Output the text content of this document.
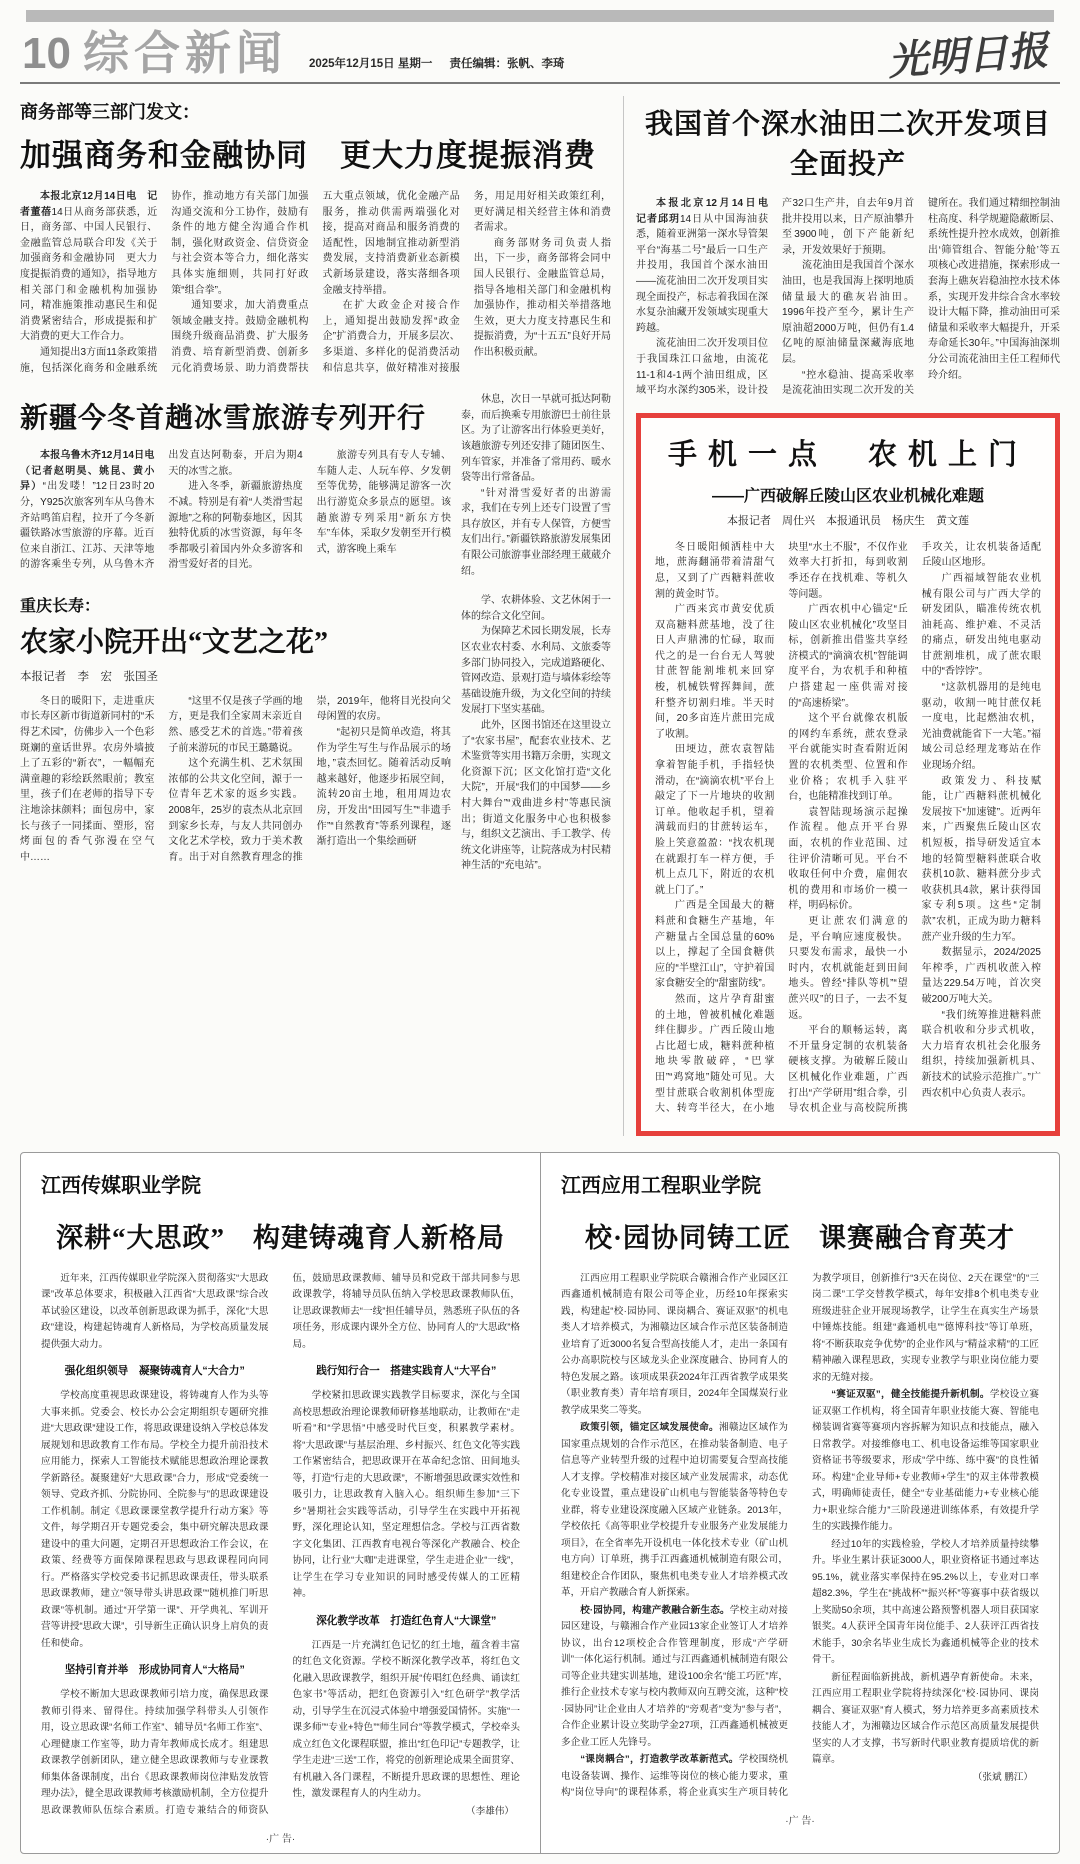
10 综合新闻 2025年12月15日 星期一 责任编辑：张帆、李琦	光明日报
商务部等三部门发文：
加强商务和金融协同　更大力度提振消费

本报北京12月14日电　记者董蓓14日从商务部获悉，近日，商务部、中国人民银行、金融监管总局联合印发《关于加强商务和金融协同　更大力度提振消费的通知》，指导地方相关部门和金融机构加强协同，精准施策推动惠民生和促消费紧密结合，形成提振和扩大消费的更大工作合力。

通知提出3方面11条政策措施，包括深化商务和金融系统协作，推动地方有关部门加强沟通交流和分工协作，鼓励有条件的地方健全沟通合作机制，强化财政资金、信贷资金与社会资本等合力，细化落实具体实施细则，共同打好政策“组合拳”。

通知要求，加大消费重点领域金融支持。鼓励金融机构围绕升级商品消费、扩大服务消费、培育新型消费、创新多元化消费场景、助力消费帮扶五大重点领域，优化金融产品服务，推动供需两端强化对接，提高对商品和服务消费的适配性，因地制宜推动新型消费发展，支持消费新业态新模式新场景建设，落实落细各项金融支持举措。

在扩大政金企对接合作上，通知提出鼓励发挥“政金企”扩消费合力，开展多层次、多渠道、多样化的促消费活动和信息共享，做好精准对接服务，用足用好相关政策红利，更好满足相关经营主体和消费者需求。

商务部财务司负责人指出，下一步，商务部将会同中国人民银行、金融监管总局，指导各地相关部门和金融机构加强协作，推动相关举措落地生效，更大力度支持惠民生和提振消费，为“十五五”良好开局作出积极贡献。

新疆今冬首趟冰雪旅游专列开行

本报乌鲁木齐12月14日电（记者赵明昊、姚昆、黄小异）“出发喽！”12日23时20分，Y925次旅客列车从乌鲁木齐站鸣笛启程，拉开了今冬新疆铁路冰雪旅游的序幕。近百位来自浙江、江苏、天津等地的游客乘坐专列，从乌鲁木齐出发直达阿勒泰，开启为期4天的冰雪之旅。

进入冬季，新疆旅游热度不减。特别是有着“人类滑雪起源地”之称的阿勒泰地区，因其独特优质的冰雪资源，每年冬季都吸引着国内外众多游客和滑雪爱好者的目光。

旅游专列具有专人专辅、车随人走、人玩车停、夕发朝至等优势，能够满足游客一次出行游览众多景点的愿望。该趟旅游专列采用“新东方快车”车体，采取夕发朝至开行模式，游客晚上乘车

重庆长寿：
农家小院开出“文艺之花”
本报记者　李　宏　张国圣

冬日的暖阳下，走进重庆市长寿区新市街道新同村的“禾得艺术园”，仿佛步入一个色彩斑斓的童话世界。农房外墙披上了五彩的“新衣”，一幅幅充满童趣的彩绘跃然眼前；教室里，孩子们在老师的指导下专注地涂抹颜料；面包房中，家长与孩子一同揉面、塑形，窑烤面包的香气弥漫在空气中……

“这里不仅是孩子学画的地方，更是我们全家周末亲近自然、感受艺术的首选。”带着孩子前来游玩的市民王璐璐说。

这个充满生机、艺术氛围浓郁的公共文化空间，源于一位青年艺术家的返乡实践。2008年，25岁的袁杰从北京回到家乡长寿，与友人共同创办文化艺术学校，致力于美术教育。出于对自然教育理念的推崇，2019年，他将目光投向父母闲置的农房。

“起初只是简单改造，将其作为学生写生与作品展示的场地，”袁杰回忆。随着活动反响越来越好，他逐步拓展空间，流转20亩土地，租用周边农房，开发出“田园写生”“非遗手作”“自然教育”等系列课程，逐渐打造出一个集绘画研

休息，次日一早就可抵达阿勒泰，而后换乘专用旅游巴士前往景区。为了让游客出行体验更美好，该趟旅游专列还安排了随团医生、列车管家，并准备了常用药、暖水袋等出行常备品。

“针对滑雪爱好者的出游需求，我们在专列上还专门设置了雪具存放区，并有专人保管，方便雪友们出行。”新疆铁路旅游发展集团有限公司旅游事业部经理王葳葳介绍。

学、农耕体验、文艺休闲于一体的综合文化空间。

为保障艺术园长期发展，长寿区农业农村委、水利局、文旅委等多部门协同投入，完成道路硬化、管网改造、景观打造与墙体彩绘等基础设施升级，为文化空间的持续发展打下坚实基础。

此外，区图书馆还在这里设立了“农家书屋”，配套农业技术、艺术鉴赏等实用书籍万余册，实现文化资源下沉；区文化馆打造“文化大院”，开展“我们的中国梦——乡村大舞台”“戏曲进乡村”等惠民演出；街道文化服务中心也积极参与，组织文艺演出、手工教学、传统文化讲座等，让院落成为村民精神生活的“充电站”。

我国首个深水油田二次开发项目全面投产

本报北京12月14日电　记者邱玥14日从中国海油获悉，随着亚洲第一深水导管架平台“海基二号”最后一口生产井投用，我国首个深水油田——流花油田二次开发项目实现全面投产，标志着我国在深水复杂油藏开发领域实现重大跨越。

流花油田二次开发项目位于我国珠江口盆地，由流花11-1和4-1两个油田组成，区域平均水深约305米，设计投产32口生产井，自去年9月首批井投用以来，日产原油攀升至3900吨，创下产能新纪录，开发效果好于预期。

流花油田是我国首个深水油田，也是我国海上探明地质储量最大的礁灰岩油田。1996年投产至今，累计生产原油超2000万吨，但仍有1.4亿吨的原油储量深藏海底地层。

“控水稳油、提高采收率是流花油田实现二次开发的关键所在。我们通过精细控制油柱高度、科学规避隐蔽断层、系统性提升控水成效，创新推出‘筛管组合、智能分舱’等五项核心改进措施，探索形成一套海上礁灰岩稳油控水技术体系，实现开发井综合含水率较设计大幅下降，推动油田可采储量和采收率大幅提升，开采寿命延长30年。”中国海油深圳分公司流花油田主任工程师代玲介绍。

手机一点　农机上门
——广西破解丘陵山区农业机械化难题
本报记者　周仕兴　本报通讯员　杨庆生　黄文莲

冬日暖阳倾洒桂中大地，蔗海翻涌带着清甜气息，又到了广西糖料蔗收割的黄金时节。

广西来宾市黄安优质双高糖料蔗基地，没了往日人声鼎沸的忙碌，取而代之的是一台台无人驾驶甘蔗智能割堆机来回穿梭，机械铁臂挥舞间，蔗秆整齐切割归堆。半天时间，20多亩连片蔗田完成了收割。

田埂边，蔗农袁智陆拿着智能手机，手指轻快滑动，在“滴滴农机”平台上敲定了下一片地块的收割订单。他收起手机，望着满载而归的甘蔗转运车，脸上笑意盈盈：“找农机现在就跟打车一样方便，手机上点几下，附近的农机就上门了。”

广西是全国最大的糖料蔗和食糖生产基地，年产糖量占全国总量的60%以上，撑起了全国食糖供应的“半壁江山”，守护着国家食糖安全的“甜蜜防线”。

然而，这片孕育甜蜜的土地，曾被机械化难题绊住脚步。广西丘陵山地占比超七成，糖料蔗种植地块零散破碎，“巴掌田”“鸡窝地”随处可见。大型甘蔗联合收割机体型庞大、转弯半径大，在小地块里“水土不服”，不仅作业效率大打折扣，每到收割季还存在找机难、等机久等问题。

广西农机中心锚定“丘陵山区农业机械化”攻坚目标，创新推出借鉴共享经济模式的“滴滴农机”智能调度平台，为农机手和种植户搭建起一座供需对接的“高速桥梁”。

这个平台就像农机版的网约车系统，蔗农登录平台就能实时查看附近闲置的农机类型、位置和作业价格；农机手入驻平台，也能精准找到订单。

袁智陆现场演示起操作流程。他点开平台界面，农机的作业范围、过往评价清晰可见。平台不收取任何中介费，雇佣农机的费用和市场价一模一样，明码标价。

更让蔗农们满意的是，平台响应速度极快。只要发布需求，最快一小时内，农机就能赶到田间地头。曾经“排队等机”“望蔗兴叹”的日子，一去不复返。

平台的顺畅运转，离不开量身定制的农机装备硬核支撑。为破解丘陵山区机械化作业难题，广西打出“产学研用”组合拳，引导农机企业与高校院所携手攻关，让农机装备适配丘陵山区地形。

广西福域智能农业机械有限公司与广西大学的研发团队，瞄准传统农机油耗高、维护难、不灵活的痛点，研发出纯电驱动甘蔗割堆机，成了蔗农眼中的“香饽饽”。

“这款机器用的是纯电驱动，收割一吨甘蔗仅耗一度电，比起燃油农机，光油费就能省下一大笔。”福域公司总经理龙骞站在作业现场介绍。

政策发力、科技赋能，让广西糖料蔗机械化发展按下“加速键”。近两年来，广西聚焦丘陵山区农机短板，指导研发适宜本地的轻简型糖料蔗联合收获机10款、糖料蔗分步式收获机具4款，累计获得国家专利5项。这些“定制款”农机，正成为助力糖料蔗产业升级的生力军。

数据显示，2024/2025年榨季，广西机收蔗入榨量达229.54万吨，首次突破200万吨大关。

“我们统筹推进糖料蔗联合机收和分步式机收，大力培育农机社会化服务组织，持续加强新机具、新技术的试验示范推广。”广西农机中心负责人表示。

江西传媒职业学院
深耕“大思政”　构建铸魂育人新格局

近年来，江西传媒职业学院深入贯彻落实“大思政课”改革总体要求，积极融入江西省“大思政课”综合改革试验区建设，以改革创新思政课为抓手，深化“大思政”建设，构建起铸魂育人新格局，为学校高质量发展提供强大动力。

强化组织领导　凝聚铸魂育人“大合力”

学校高度重视思政课建设，将铸魂育人作为头等大事来抓。党委会、校长办公会定期组织专题研究推进“大思政课”建设工作，将思政课建设纳入学校总体发展规划和思政教育工作布局。学校全力提升前沿技术应用能力，探索人工智能技术赋能思想政治理论课教学新路径。凝聚建好“大思政课”合力，形成“党委统一领导、党政齐抓、分院协同、全院参与”的思政课建设工作机制。制定《思政课课堂教学提升行动方案》等文件，每学期召开专题党委会，集中研究解决思政课建设中的重大问题，定期召开思想政治工作会议，在政策、经费等方面保障课程思政与思政课程同向同行。严格落实学校党委书记抓思政课责任，带头联系思政课教师，建立“领导带头讲思政课”“随机推门听思政课”等机制。通过“开学第一课”、开学典礼、军训开营等讲授“思政大课”，引导新生正确认识身上肩负的责任和使命。

坚持引育并举　形成协同育人“大格局”

学校不断加大思政课教师引培力度，确保思政课教师引得来、留得住。持续加强学科带头人引领作用，设立思政课“名师工作室”、辅导员“名师工作室”、心理健康工作室等，助力青年教师成长成才。组建思政课教学创新团队，建立健全思政课教师与专业课教师集体备课制度，出台《思政课教师岗位津贴发放管理办法》，健全思政课教师考核激励机制，全方位提升思政课教师队伍综合素质。打造专兼结合的师资队伍，鼓励思政课教师、辅导员和党政干部共同参与思政课教学，将辅导员队伍纳入学校思政课教师队伍，让思政课教师去“一线”担任辅导员，熟悉班子队伍的各项任务，形成课内课外全方位、协同育人的“大思政”格局。

践行知行合一　搭建实践育人“大平台”

学校紧扣思政课实践教学目标要求，深化与全国高校思想政治理论课教师研修基地联动，让教师在“走听看”和“学思悟”中感受时代巨变，积累教学素材。将“大思政课”与基层治理、乡村振兴、红色文化等实践工作紧密结合，把思政课开在革命纪念馆、田间地头等，打造“行走的大思政课”，不断增强思政课实效性和吸引力，让思政教育入脑入心。组织师生参加“三下乡”暑期社会实践等活动，引导学生在实践中开拓视野，深化理论认知，坚定理想信念。学校与江西省数字文化集团、江西教育电视台等深化产教融合、校企协同，让行业“大咖”走进课堂，学生走进企业“一线”，让学生在学习专业知识的同时感受传媒人的工匠精神。

深化教学改革　打造红色育人“大课堂”

江西是一片充满红色记忆的红土地，蕴含着丰富的红色文化资源。学校不断深化教学改革，将红色文化融入思政课教学，组织开展“传唱红色经典、诵读红色家书”等活动，把红色资源引入“红色研学”教学活动，引导学生在沉浸式体验中增强爱国情怀。实施“一课多师”“专业+特色”“师生同台”等教学模式，学校牵头成立红色文化课程联盟，推出“红色印记”专题教学，让学生走进“三送”工作，将党的创新理论成果全面贯穿、有机融入各门课程，不断提升思政课的思想性、理论性，激发课程育人的内生动力。

（李雄伟）

·广 告·
江西应用工程职业学院
校·园协同铸工匠　课赛融合育英才

江西应用工程职业学院联合赣湘合作产业园区江西鑫通机械制造有限公司等企业，历经10年探索实践，构建起“校·园协同、课岗耦合、赛证双驱”的机电类人才培养模式，为湘赣边区域合作示范区装备制造业培育了近3000名复合型高技能人才，走出一条国有公办高职院校与区域龙头企业深度融合、协同育人的特色发展之路。该项成果获2024年江西省教学成果奖（职业教育类）青年培育项目，2024年全国煤炭行业教学成果奖二等奖。

政策引领，锚定区域发展使命。湘赣边区域作为国家重点规划的合作示范区，在推动装备制造、电子信息等产业转型升级的过程中迫切需要复合型高技能人才支撑。学校精准对接区域产业发展需求，动态优化专业设置，重点建设矿山机电与智能装备等特色专业群，将专业建设深度融入区域产业链条。2013年，学校依托《高等职业学校提升专业服务产业发展能力项目》，在全省率先开设机电一体化技术专业（矿山机电方向）订单班，携手江西鑫通机械制造有限公司，组建校企合作团队，聚焦机电类专业人才培养模式改革，开启产教融合育人新探索。

校·园协同，构建产教融合新生态。学校主动对接园区建设，与赣湘合作产业园13家企业签订人才培养协议，出台12项校企合作管理制度，形成“产学研训”一体化运行机制。通过与江西鑫通机械制造有限公司等企业共建实训基地，建设100余名“能工巧匠”库，推行企业技术专家与校内教师双向互聘交流，这种“校·园协同”让企业由人才培养的“旁观者”变为“参与者”，合作企业累计设立奖助学金27项，江西鑫通机械被更多企业工匠人先锋号。

“课岗耦合”，打造教学改革新范式。学校围绕机电设备装调、操作、运维等岗位的核心能力要求，重构“岗位导向”的课程体系，将企业真实生产项目转化为教学项目，创新推行“3天在岗位、2天在课堂”的“三岗二课”工学交替教学模式，每年安排8个机电类专业班级进驻企业开展现场教学，让学生在真实生产场景中锤炼技能。组建“鑫通机电”“德博科技”等订单班，将“不断获取竞争优势”的企业作风与“精益求精”的工匠精神融入课程思政，实现专业教学与职业岗位能力要求的无缝对接。

“赛证双驱”，健全技能提升新机制。学校设立赛证双驱工作机构，将全国青年职业技能大赛、智能电梯装调省赛等赛项内容拆解为知识点和技能点，融入日常教学。对接维修电工、机电设备运维等国家职业资格证书等级要求，形成“学中练、练中赛”的良性循环。构建“企业导师+专业教师+学生”的双主体带教模式，明确师徒责任，健全“专业基础能力+专业核心能力+职业综合能力”三阶段递进训练体系，有效提升学生的实践操作能力。

经过10年的实践检验，学校人才培养质量持续攀升。毕业生累计获证3000人，职业资格证书通过率达95.1%，就业落实率保持在95.2%以上，专业对口率超82.3%，学生在“挑战杯”“振兴杯”等赛事中获省级以上奖励50余项，其中高速公路预警机器人项目获国家银奖。4人获评全国青年岗位能手、2人获评江西省技术能手，30余名毕业生成长为鑫通机械等企业的技术骨干。

新征程面临新挑战，新机遇孕育新使命。未来，江西应用工程职业学院将持续深化“校·园协同、课岗耦合、赛证双驱”育人模式，努力培养更多高素质技术技能人才，为湘赣边区域合作示范区高质量发展提供坚实的人才支撑，书写新时代职业教育提质培优的新篇章。

（张斌 鹏江）

·广 告·
